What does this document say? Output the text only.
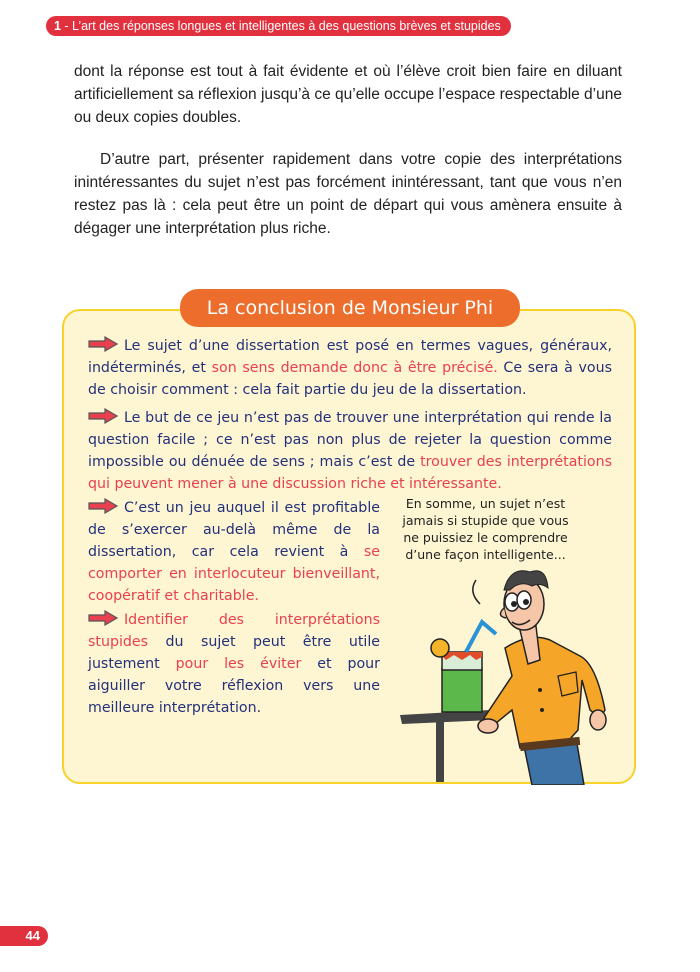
1 - L’art des réponses longues et intelligentes à des questions brèves et stupides

dont la réponse est tout à fait évidente et où l’élève croit bien faire en diluant artificiellement sa réflexion jusqu’à ce qu’elle occupe l’espace respectable d’une ou deux copies doubles.

D’autre part, présenter rapidement dans votre copie des interprétations inintéressantes du sujet n’est pas forcément inintéressant, tant que vous n’en restez pas là : cela peut être un point de départ qui vous amènera ensuite à dégager une interprétation plus riche.

La conclusion de Monsieur Phi
Le sujet d’une dissertation est posé en termes vagues, généraux, indéterminés, et son sens demande donc à être précisé. Ce sera à vous de choisir comment : cela fait partie du jeu de la dissertation.
Le but de ce jeu n’est pas de trouver une interprétation qui rende la question facile ; ce n’est pas non plus de rejeter la question comme impossible ou dénuée de sens ; mais c’est de trouver des interprétations qui peuvent mener à une discussion riche et intéressante.
C’est un jeu auquel il est profitable de s’exercer au-delà même de la dissertation, car cela revient à se comporter en interlocuteur bienveillant, coopératif et charitable.
Identifier des interprétations stupides du sujet peut être utile justement pour les éviter et pour aiguiller votre réflexion vers une meilleure interprétation.
En somme, un sujet n’est jamais si stupide que vous ne puissiez le comprendre d’une façon intelligente...
44
